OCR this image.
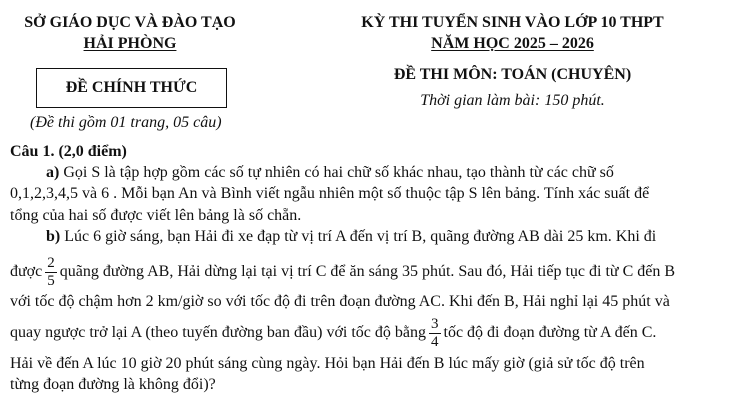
SỞ GIÁO DỤC VÀ ĐÀO TẠO
HẢI PHÒNG
KỲ THI TUYỂN SINH VÀO LỚP 10 THPT
NĂM HỌC 2025 – 2026
ĐỀ CHÍNH THỨC
ĐỀ THI MÔN: TOÁN (CHUYÊN)
Thời gian làm bài: 150 phút.
(Đề thi gồm 01 trang, 05 câu)
Câu 1. (2,0 điểm)
a) Gọi S là tập hợp gồm các số tự nhiên có hai chữ số khác nhau, tạo thành từ các chữ số
0,1,2,3,4,5 và 6 . Mỗi bạn An và Bình viết ngẫu nhiên một số thuộc tập S lên bảng. Tính xác suất để
tổng của hai số được viết lên bảng là số chẵn.
b) Lúc 6 giờ sáng, bạn Hải đi xe đạp từ vị trí A đến vị trí B, quãng đường AB dài 25 km. Khi đi
được $\frac{2}{5}$ quãng đường AB, Hải dừng lại tại vị trí C để ăn sáng 35 phút. Sau đó, Hải tiếp tục đi từ C đến B
với tốc độ chậm hơn 2 km/giờ so với tốc độ đi trên đoạn đường AC. Khi đến B, Hải nghỉ lại 45 phút và
quay ngược trở lại A (theo tuyến đường ban đầu) với tốc độ bằng $\frac{3}{4}$ tốc độ đi đoạn đường từ A đến C.
Hải về đến A lúc 10 giờ 20 phút sáng cùng ngày. Hỏi bạn Hải đến B lúc mấy giờ (giả sử tốc độ trên
từng đoạn đường là không đổi)?
